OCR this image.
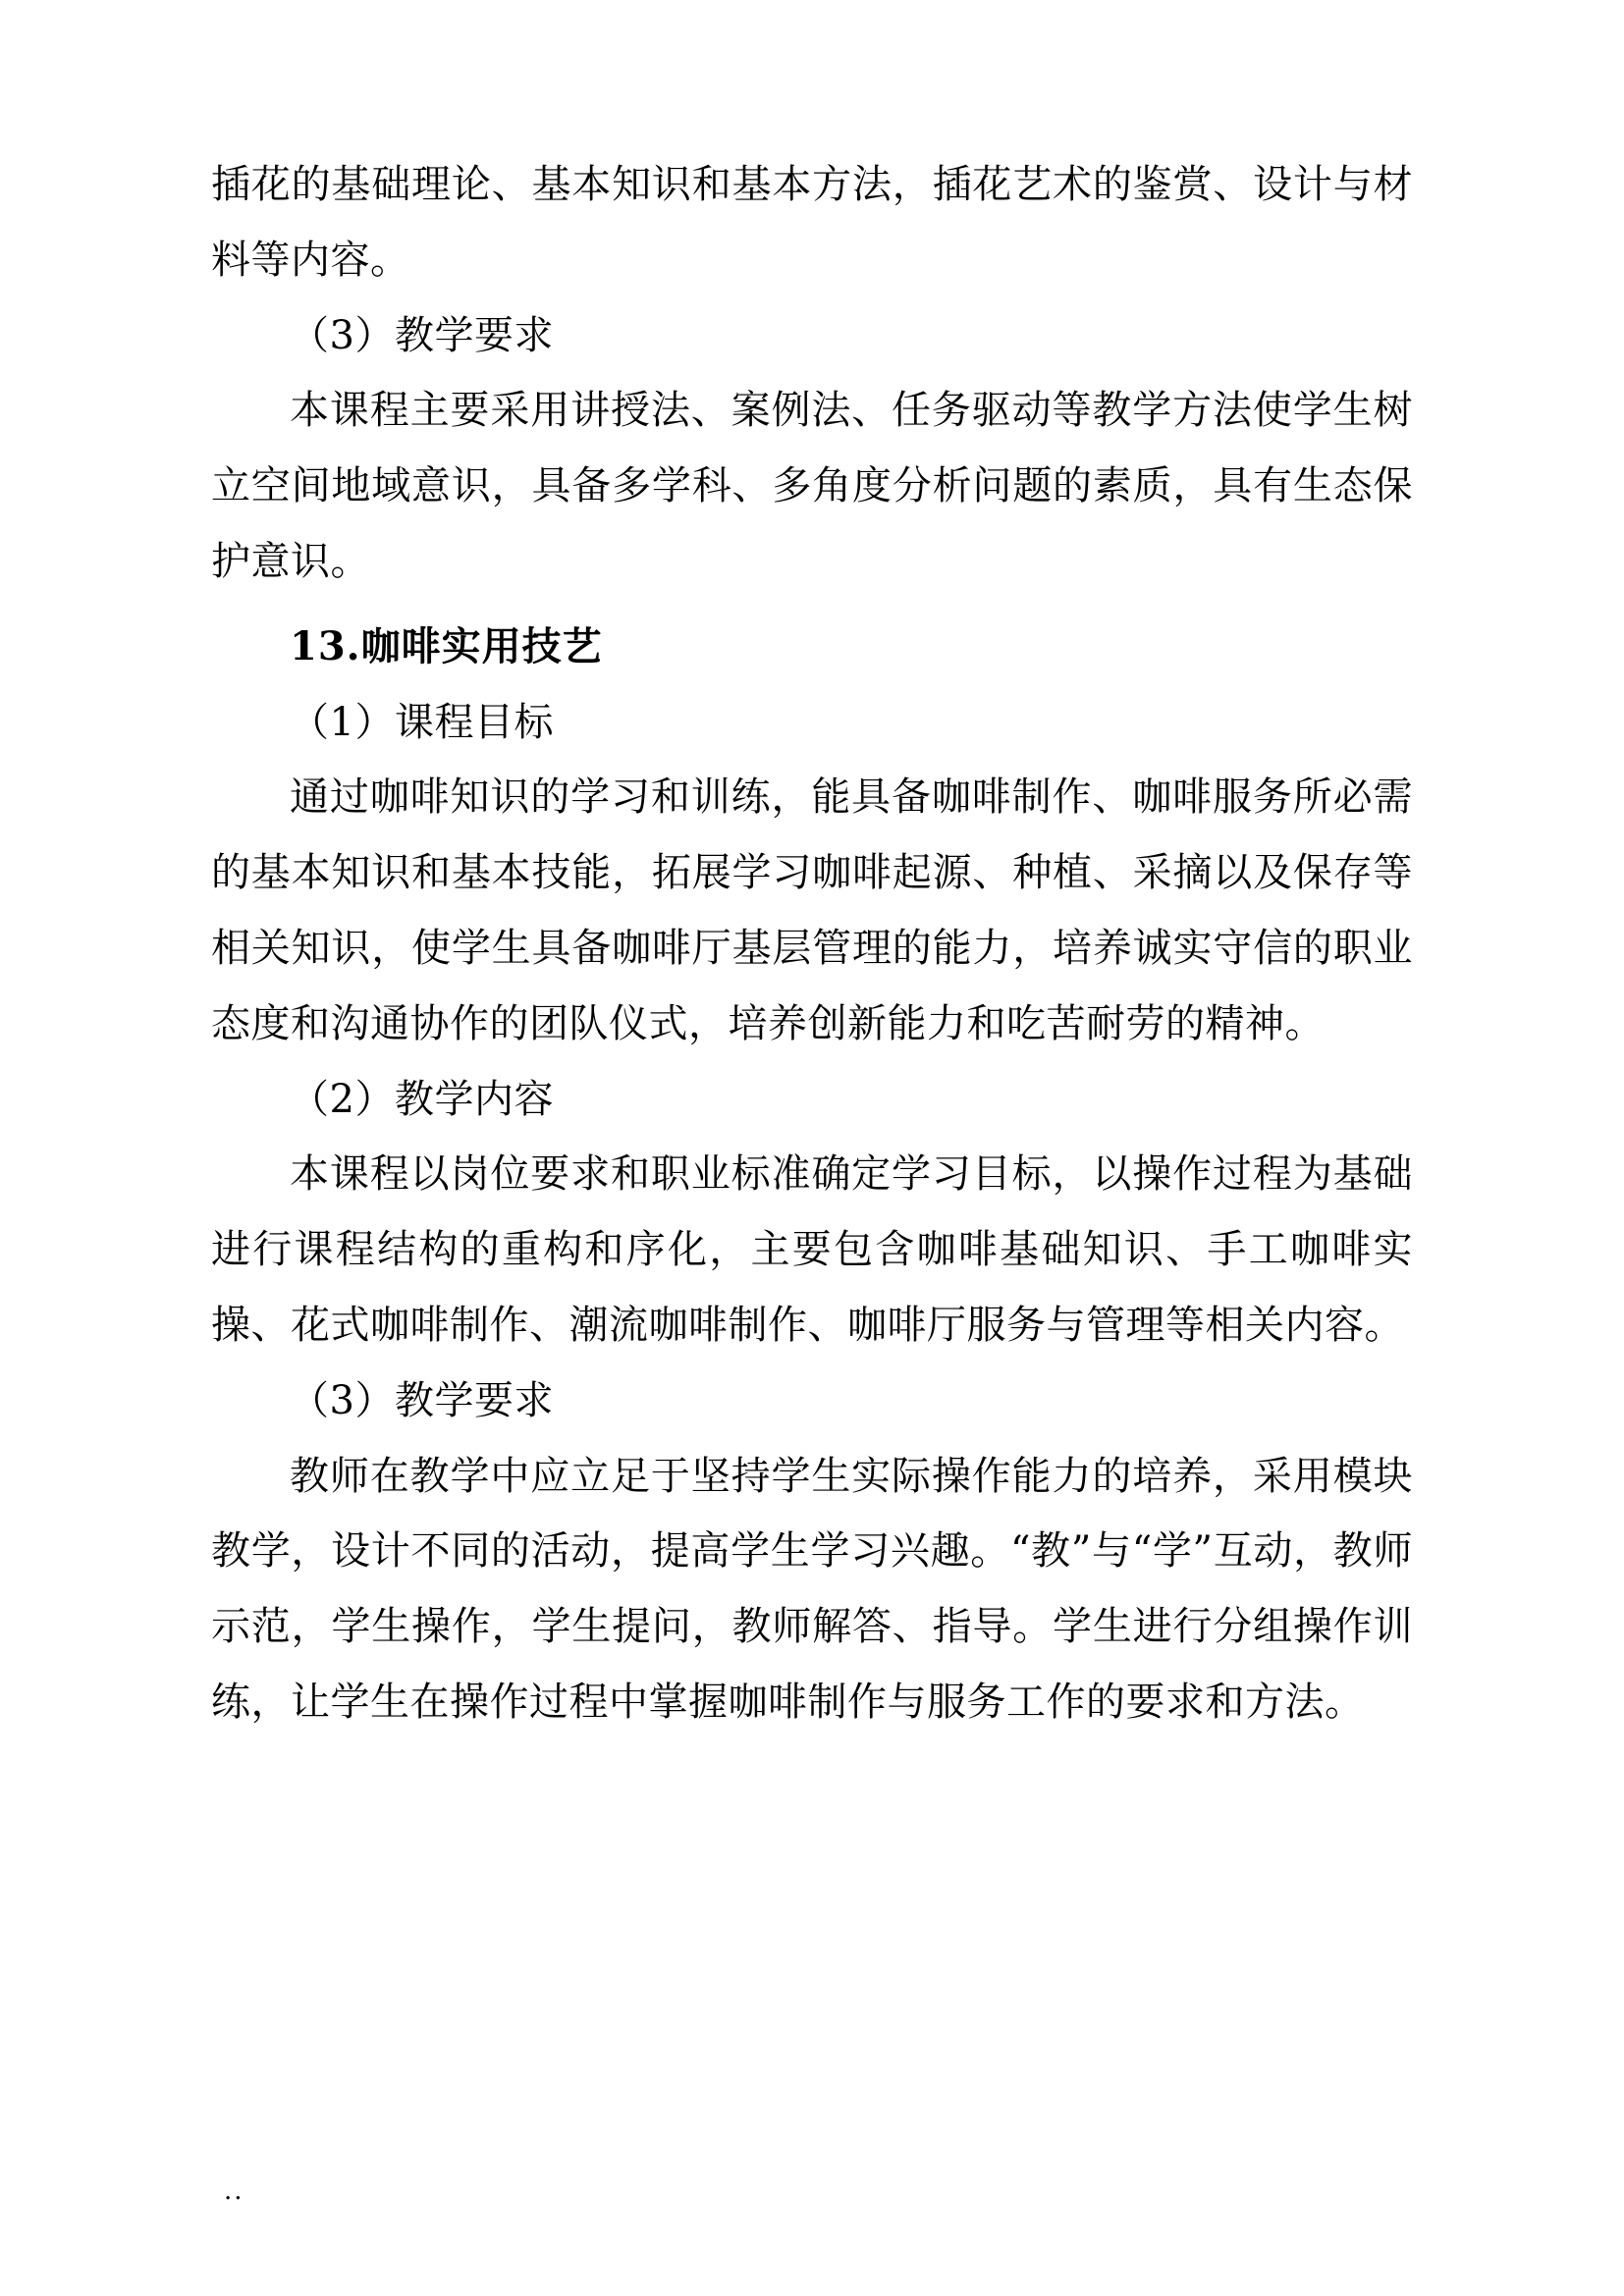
插花的基础理论、基本知识和基本方法，插花艺术的鉴赏、设计与材料等内容。

（3）教学要求

本课程主要采用讲授法、案例法、任务驱动等教学方法使学生树立空间地域意识，具备多学科、多角度分析问题的素质，具有生态保护意识。

13.咖啡实用技艺

（1）课程目标

通过咖啡知识的学习和训练，能具备咖啡制作、咖啡服务所必需的基本知识和基本技能，拓展学习咖啡起源、种植、采摘以及保存等相关知识，使学生具备咖啡厅基层管理的能力，培养诚实守信的职业态度和沟通协作的团队仪式，培养创新能力和吃苦耐劳的精神。

（2）教学内容

本课程以岗位要求和职业标准确定学习目标，以操作过程为基础进行课程结构的重构和序化，主要包含咖啡基础知识、手工咖啡实操、花式咖啡制作、潮流咖啡制作、咖啡厅服务与管理等相关内容。

（3）教学要求

教师在教学中应立足于坚持学生实际操作能力的培养，采用模块教学，设计不同的活动，提高学生学习兴趣。“教”与“学”互动，教师示范，学生操作，学生提问，教师解答、指导。学生进行分组操作训练，让学生在操作过程中掌握咖啡制作与服务工作的要求和方法。

..
